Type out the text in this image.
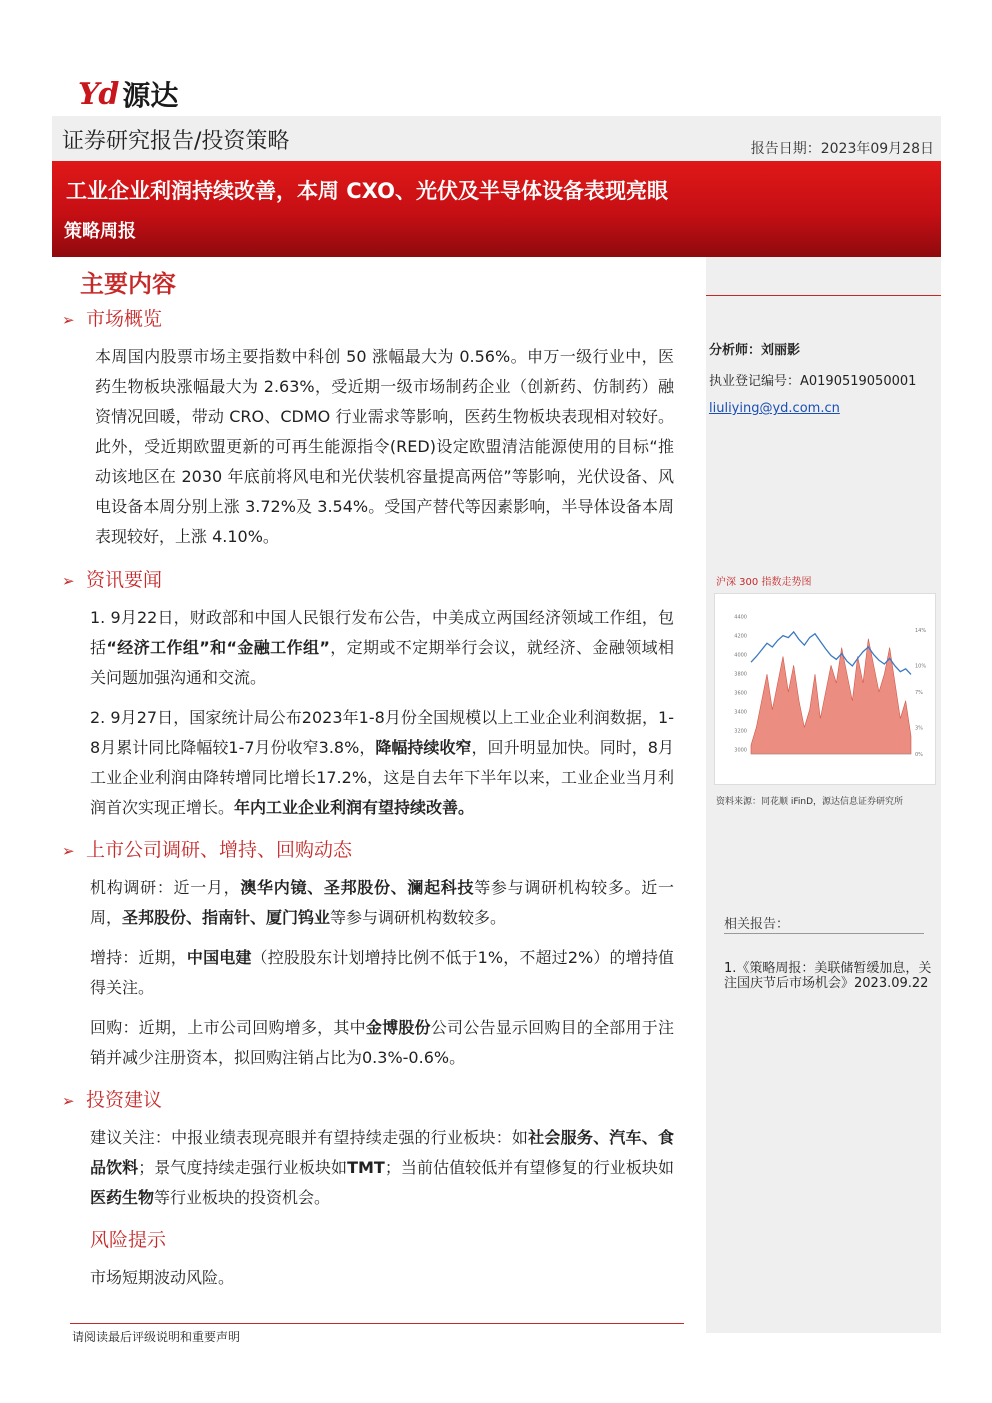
Yd 源达
证券研究报告/投资策略	报告日期：2023年09月28日
工业企业利润持续改善，本周 CXO、光伏及半导体设备表现亮眼
策略周报
分析师：刘丽影
执业登记编号：A0190519050001
liuliying@yd.com.cn
沪深 300 指数走势图
3000
3200
3400
3600
3800
4000
4200
4400
0%
3%
7%
10%
14%
资料来源：同花顺 iFinD，源达信息证券研究所
相关报告：
1.《策略周报：美联储暂缓加息，关注国庆节后市场机会》2023.09.22
主要内容
➢ 市场概览
本周国内股票市场主要指数中科创 50 涨幅最大为 0.56%。申万一级行业中，医药生物板块涨幅最大为 2.63%，受近期一级市场制药企业（创新药、仿制药）融资情况回暖，带动 CRO、CDMO 行业需求等影响，医药生物板块表现相对较好。此外，受近期欧盟更新的可再生能源指令(RED)设定欧盟清洁能源使用的目标“推动该地区在 2030 年底前将风电和光伏装机容量提高两倍”等影响，光伏设备、风电设备本周分别上涨 3.72%及 3.54%。受国产替代等因素影响，半导体设备本周表现较好，上涨 4.10%。
➢ 资讯要闻
1. 9月22日，财政部和中国人民银行发布公告，中美成立两国经济领域工作组，包括“经济工作组”和“金融工作组”，定期或不定期举行会议，就经济、金融领域相关问题加强沟通和交流。
2. 9月27日，国家统计局公布2023年1-8月份全国规模以上工业企业利润数据，1-8月累计同比降幅较1-7月份收窄3.8%，降幅持续收窄，回升明显加快。同时，8月工业企业利润由降转增同比增长17.2%，这是自去年下半年以来，工业企业当月利润首次实现正增长。年内工业企业利润有望持续改善。
➢ 上市公司调研、增持、回购动态
机构调研：近一月，澳华内镜、圣邦股份、澜起科技等参与调研机构较多。近一周，圣邦股份、指南针、厦门钨业等参与调研机构数较多。
增持：近期，中国电建（控股股东计划增持比例不低于1%，不超过2%）的增持值得关注。
回购：近期，上市公司回购增多，其中金博股份公司公告显示回购目的全部用于注销并减少注册资本，拟回购注销占比为0.3%-0.6%。
➢ 投资建议
建议关注：中报业绩表现亮眼并有望持续走强的行业板块：如社会服务、汽车、食品饮料；景气度持续走强行业板块如TMT；当前估值较低并有望修复的行业板块如医药生物等行业板块的投资机会。
风险提示
市场短期波动风险。
请阅读最后评级说明和重要声明
